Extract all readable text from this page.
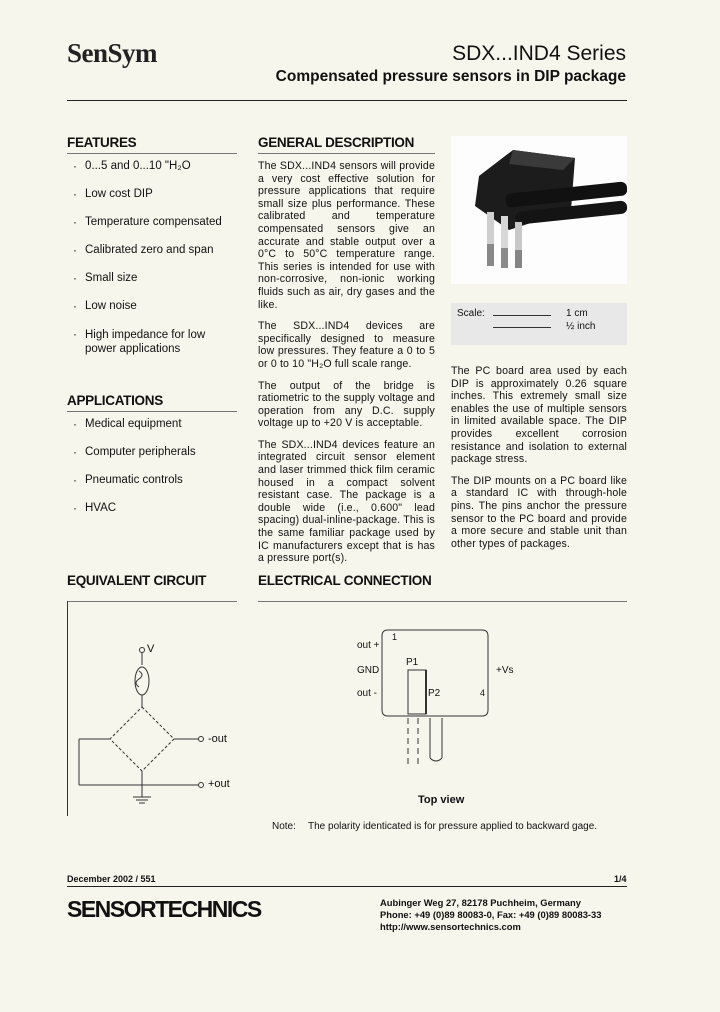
SenSym	SDX...IND4 Series
Compensated pressure sensors in DIP package
FEATURES
· 0...5 and 0...10 "H₂O
· Low cost DIP
· Temperature compensated
· Calibrated zero and span
· Small size
· Low noise
· High impedance for low power applications
APPLICATIONS
· Medical equipment
· Computer peripherals
· Pneumatic controls
· HVAC
GENERAL DESCRIPTION

The SDX...IND4 sensors will provide a very cost effective solution for pressure applications that require small size plus performance. These calibrated and temperature compensated sensors give an accurate and stable output over a 0°C to 50°C temperature range. This series is intended for use with non-corrosive, non-ionic working fluids such as air, dry gases and the like.

The SDX...IND4 devices are specifically designed to measure low pressures. They feature a 0 to 5 or 0 to 10 "H₂O full scale range.

The output of the bridge is ratiometric to the supply voltage and operation from any D.C. supply voltage up to +20 V is acceptable.

The SDX...IND4 devices feature an integrated circuit sensor element and laser trimmed thick film ceramic housed in a compact solvent resistant case. The package is a double wide (i.e., 0.600" lead spacing) dual-inline-package. This is the same familiar package used by IC manufacturers except that is has a pressure port(s).

The PC board area used by each DIP is approximately 0.26 square inches. This extremely small size enables the use of multiple sensors in limited available space. The DIP provides excellent corrosion resistance and isolation to external package stress.

The DIP mounts on a PC board like a standard IC with through-hole pins. The pins anchor the pressure sensor to the PC board and provide a more secure and stable unit than other types of packages.

Scale:	1 cm
½ inch
EQUIVALENT CIRCUIT
V
-out
+out
ELECTRICAL CONNECTION
out +
1
GND
P1
+Vs
out -	P2	4
Top view
Note: The polarity identicated is for pressure applied to backward gage.
December 2002 / 551	1/4
SENSORTECHNICS	Aubinger Weg 27, 82178 Puchheim, Germany
Phone: +49 (0)89 80083-0, Fax: +49 (0)89 80083-33
http://www.sensortechnics.com
